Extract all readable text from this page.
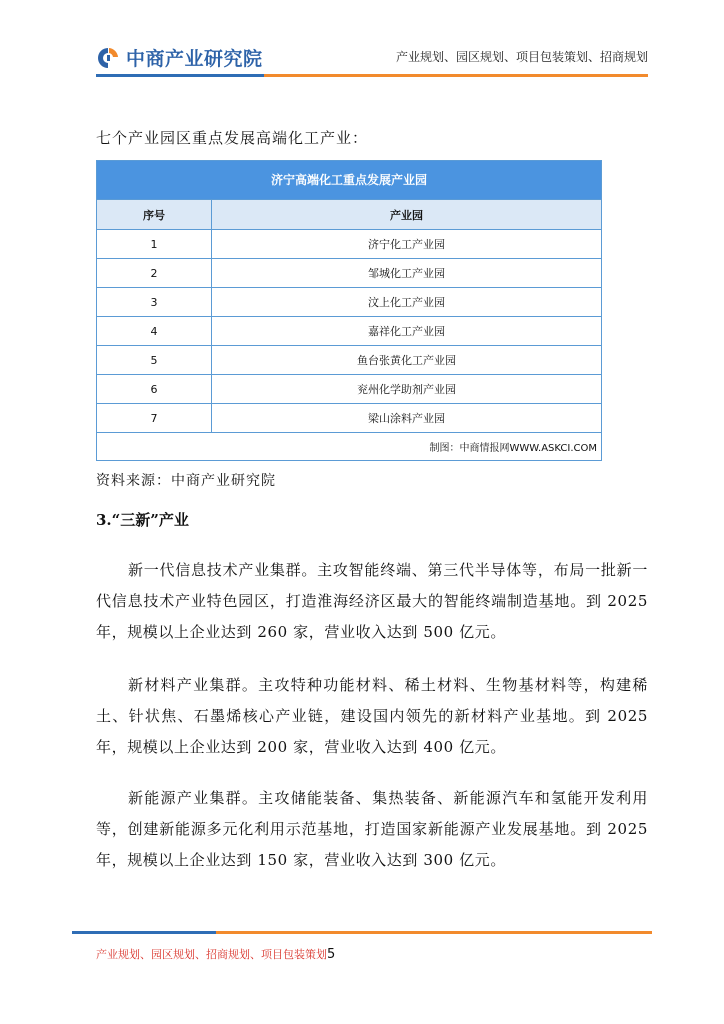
中商产业研究院	产业规划、园区规划、项目包装策划、招商规划
七个产业园区重点发展高端化工产业：
济宁高端化工重点发展产业园
序号	产业园
1	济宁化工产业园
2	邹城化工产业园
3	汶上化工产业园
4	嘉祥化工产业园
5	鱼台张黄化工产业园
6	兖州化学助剂产业园
7	梁山涂料产业园
制图：中商情报网WWW.ASKCI.COM
资料来源：中商产业研究院
3.“三新”产业

新一代信息技术产业集群。主攻智能终端、第三代半导体等，布局一批新一代信息技术产业特色园区，打造淮海经济区最大的智能终端制造基地。到 2025 年，规模以上企业达到 260 家，营业收入达到 500 亿元。

新材料产业集群。主攻特种功能材料、稀土材料、生物基材料等，构建稀土、针状焦、石墨烯核心产业链，建设国内领先的新材料产业基地。到 2025 年，规模以上企业达到 200 家，营业收入达到 400 亿元。

新能源产业集群。主攻储能装备、集热装备、新能源汽车和氢能开发利用等，创建新能源多元化利用示范基地，打造国家新能源产业发展基地。到 2025 年，规模以上企业达到 150 家，营业收入达到 300 亿元。

产业规划、园区规划、招商规划、项目包装策划5
